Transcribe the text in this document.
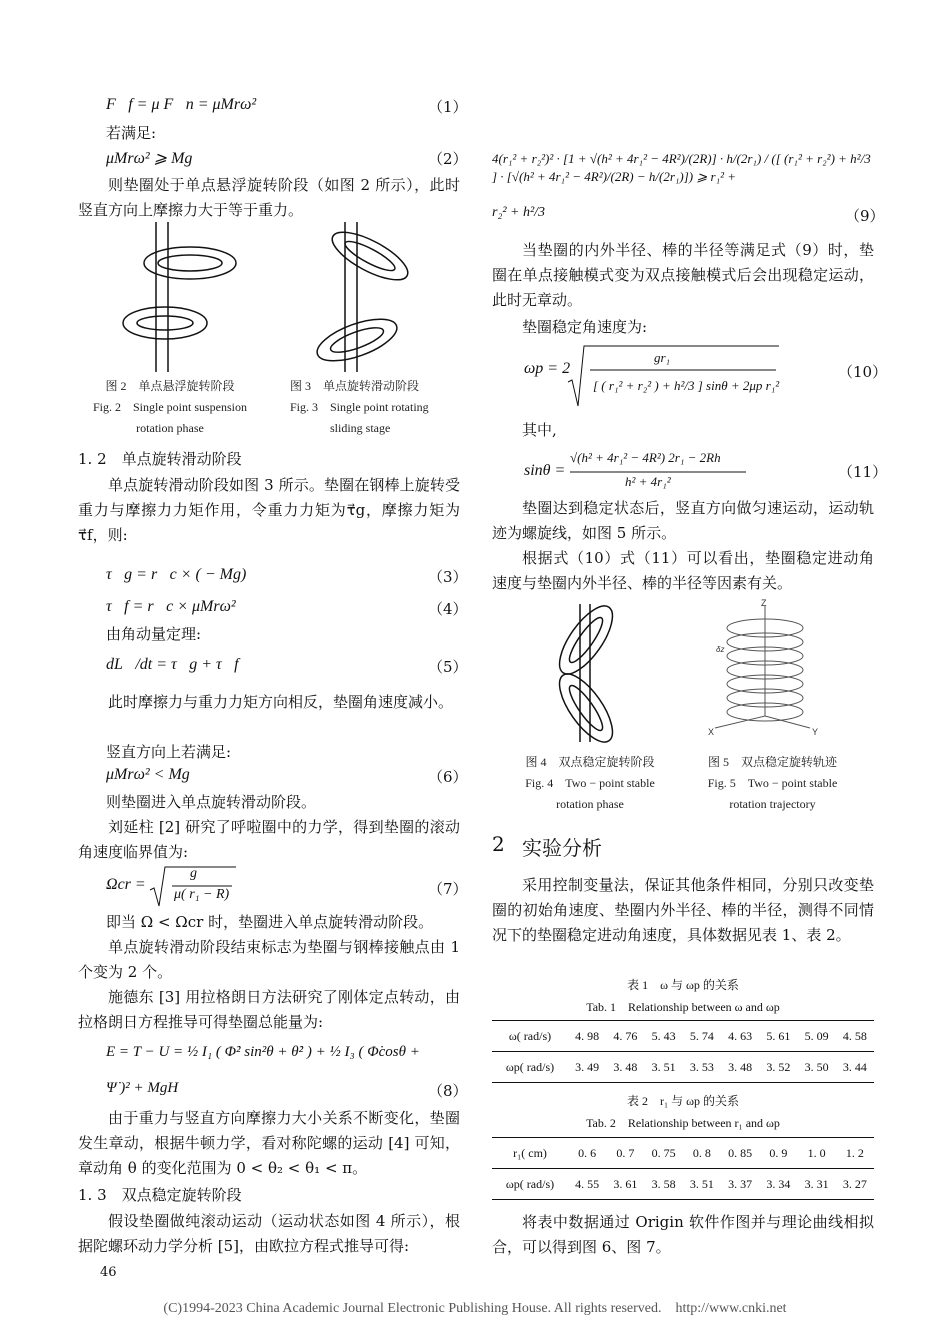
F⃗f = μ F⃗n = μMrω²	（1）
若满足:
μMrω² ⩾ Mg	（2）
则垫圈处于单点悬浮旋转阶段（如图 2 所示），此时竖直方向上摩擦力大于等于重力。
图 2　单点悬浮旋转阶段
Fig. 2　Single point suspension
rotation phase
图 3　单点旋转滑动阶段
Fig. 3　Single point rotating
sliding stage
1. 2　单点旋转滑动阶段
单点旋转滑动阶段如图 3 所示。垫圈在钢棒上旋转受重力与摩擦力力矩作用，令重力力矩为τ⃗g，摩擦力矩为τ⃗f，则:
τ⃗g = r⃗c × ( − Mg)	（3）
τ⃗f = r⃗c × μMrω²	（4）
由角动量定理:
dL⃗/dt = τ⃗g + τ⃗f	（5）
此时摩擦力与重力力矩方向相反，垫圈角速度减小。
竖直方向上若满足:
μMrω² < Mg	（6）
则垫圈进入单点旋转滑动阶段。
刘延柱 [2] 研究了呼啦圈中的力学，得到垫圈的滚动角速度临界值为:
Ωcr =
g
μ( r₁ − R)	（7）
即当 Ω < Ωcr 时，垫圈进入单点旋转滑动阶段。
单点旋转滑动阶段结束标志为垫圈与钢棒接触点由 1 个变为 2 个。
施德东 [3] 用拉格朗日方法研究了刚体定点转动，由拉格朗日方程推导可得垫圈总能量为:
E = T − U = ½ I₁ ( Φ̇² sin²θ + θ̇² ) + ½ I₃ ( Φ̇cosθ +
Ψ̇ )² + MgH	（8）
由于重力与竖直方向摩擦力大小关系不断变化，垫圈发生章动，根据牛顿力学，看对称陀螺的运动 [4] 可知，章动角 θ 的变化范围为 0 < θ₂ < θ₁ < π。
1. 3　双点稳定旋转阶段
假设垫圈做纯滚动运动（运动状态如图 4 所示），根据陀螺环动力学分析 [5]，由欧拉方程式推导可得:
46
4(r₁² + r₂²)² · [1 + √(h² + 4r₁² − 4R²)/(2R)] · h/(2r₁) / ([ (r₁² + r₂²) + h²/3 ] · [√(h² + 4r₁² − 4R²)/(2R) − h/(2r₁)]) ⩾ r₁² +
r₂² + h²/3	（9）
当垫圈的内外半径、棒的半径等满足式（9）时，垫圈在单点接触模式变为双点接触模式后会出现稳定运动，此时无章动。
垫圈稳定角速度为:
ωp = 2
gr₁
[ ( r₁² + r₂² ) + h²/3 ] sinθ + 2μp r₁²
（10）
其中,
sinθ =
√(h² + 4r₁² − 4R²) 2r₁ − 2Rh
h² + 4r₁²
（11）
垫圈达到稳定状态后，竖直方向做匀速运动，运动轨迹为螺旋线，如图 5 所示。
根据式（10）式（11）可以看出，垫圈稳定进动角速度与垫圈内外半径、棒的半径等因素有关。
Z
X	Y
δz
图 4　双点稳定旋转阶段
Fig. 4　Two − point stable
rotation phase
图 5　双点稳定旋转轨迹
Fig. 5　Two − point stable
rotation trajectory
2 实验分析
采用控制变量法，保证其他条件相同，分别只改变垫圈的初始角速度、垫圈内外半径、棒的半径，测得不同情况下的垫圈稳定进动角速度，具体数据见表 1、表 2。
表 1　ω 与 ωp 的关系
Tab. 1　Relationship between ω and ωp
ω( rad/s)	4. 98	4. 76	5. 43	5. 74	4. 63	5. 61	5. 09	4. 58
ωp( rad/s)	3. 49	3. 48	3. 51	3. 53	3. 48	3. 52	3. 50	3. 44
表 2　r₁ 与 ωp 的关系
Tab. 2　Relationship between r₁ and ωp
r₁( cm)	0. 6	0. 7	0. 75	0. 8	0. 85	0. 9	1. 0	1. 2
ωp( rad/s)	4. 55	3. 61	3. 58	3. 51	3. 37	3. 34	3. 31	3. 27
将表中数据通过 Origin 软件作图并与理论曲线相拟合，可以得到图 6、图 7。
(C)1994-2023 China Academic Journal Electronic Publishing House. All rights reserved.　http://www.cnki.net
